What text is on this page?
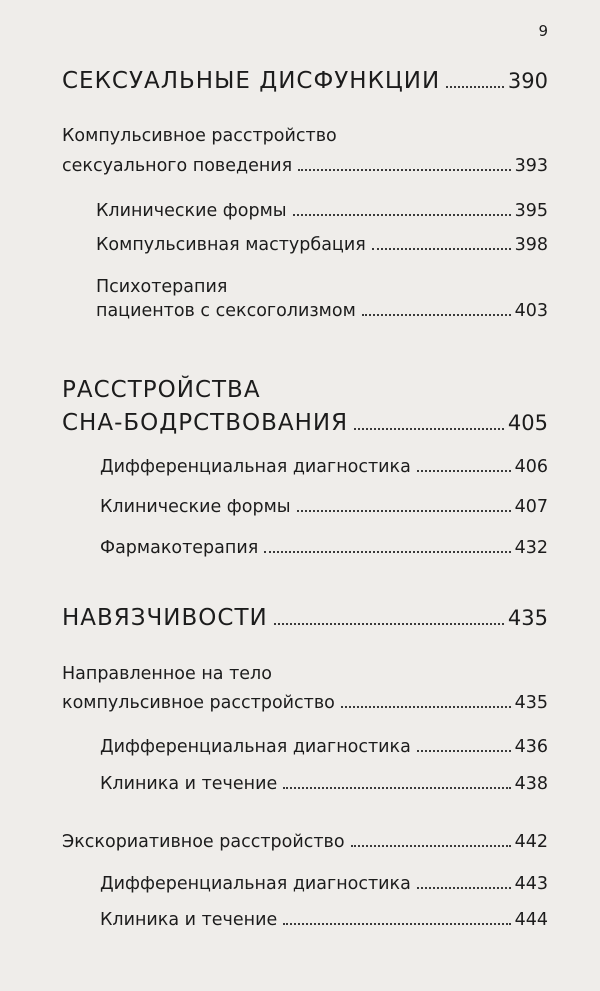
9
СЕКСУАЛЬНЫЕ ДИСФУНКЦИИ	390
Компульсивное расстройство
сексуального поведения	393
Клинические формы	395
Компульсивная мастурбация	398
Психотерапия
пациентов с сексоголизмом	403
РАССТРОЙСТВА
СНА-БОДРСТВОВАНИЯ	405
Дифференциальная диагностика	406
Клинические формы	407
Фармакотерапия	432
НАВЯЗЧИВОСТИ	435
Направленное на тело
компульсивное расстройство	435
Дифференциальная диагностика	436
Клиника и течение	438
Экскориативное расстройство	442
Дифференциальная диагностика	443
Клиника и течение	444
